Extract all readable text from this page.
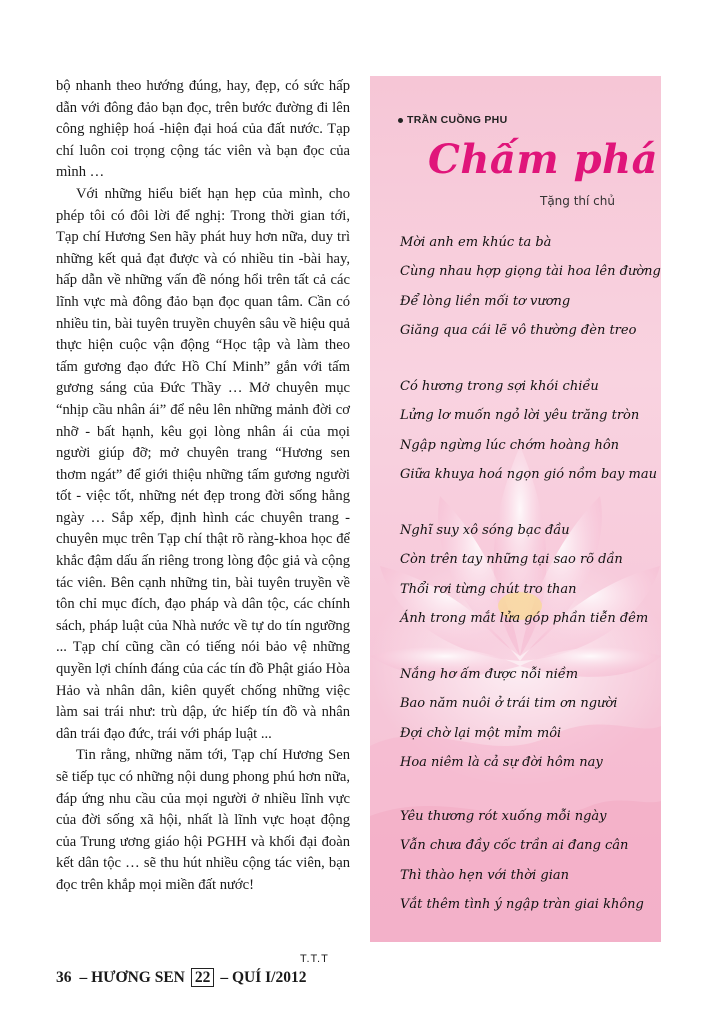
bộ nhanh theo hướng đúng, hay, đẹp, có sức hấp dẫn với đông đảo bạn đọc, trên bước đường đi lên công nghiệp hoá -hiện đại hoá của đất nước. Tạp chí luôn coi trọng cộng tác viên và bạn đọc của mình …

Với những hiểu biết hạn hẹp của mình, cho phép tôi có đôi lời để nghị: Trong thời gian tới, Tạp chí Hương Sen hãy phát huy hơn nữa, duy trì những kết quả đạt được và có nhiều tin -bài hay, hấp dẫn về những vấn đề nóng hổi trên tất cả các lĩnh vực mà đông đảo bạn đọc quan tâm. Cần có nhiều tin, bài tuyên truyền chuyên sâu về hiệu quả thực hiện cuộc vận động “Học tập và làm theo tấm gương đạo đức Hồ Chí Minh” gắn với tấm gương sáng của Đức Thầy … Mở chuyên mục “nhịp cầu nhân ái” để nêu lên những mảnh đời cơ nhỡ - bất hạnh, kêu gọi lòng nhân ái của mọi người giúp đỡ; mở chuyên trang “Hương sen thơm ngát” để giới thiệu những tấm gương người tốt - việc tốt, những nét đẹp trong đời sống hằng ngày … Sắp xếp, định hình các chuyên trang - chuyên mục trên Tạp chí thật rõ ràng-khoa học để khắc đậm dấu ấn riêng trong lòng độc giả và cộng tác viên. Bên cạnh những tin, bài tuyên truyền về tôn chỉ mục đích, đạo pháp và dân tộc, các chính sách, pháp luật của Nhà nước về tự do tín ngưỡng ... Tạp chí cũng cần có tiếng nói bảo vệ những quyền lợi chính đáng của các tín đồ Phật giáo Hòa Hảo và nhân dân, kiên quyết chống những việc làm sai trái như: trù dập, ức hiếp tín đồ và nhân dân trái đạo đức, trái với pháp luật ...

Tin rằng, những năm tới, Tạp chí Hương Sen sẽ tiếp tục có những nội dung phong phú hơn nữa, đáp ứng nhu cầu của mọi người ở nhiều lĩnh vực của đời sống xã hội, nhất là lĩnh vực hoạt động của Trung ương giáo hội PGHH và khối đại đoàn kết dân tộc … sẽ thu hút nhiều cộng tác viên, bạn đọc trên khắp mọi miền đất nước!

T.T.T
36 – HƯƠNG SEN 22 – QUÍ I/2012
TRẦN CUỒNG PHU
Chấm phá
Tặng thí chủ
Mời anh em khúc ta bà
Cùng nhau hợp giọng tài hoa lên đường
Để lòng liền mối tơ vương
Giăng qua cái lẽ vô thường đèn treo
Có hương trong sợi khói chiều
Lửng lơ muốn ngỏ lời yêu trăng tròn
Ngập ngừng lúc chớm hoàng hôn
Giữa khuya hoá ngọn gió nồm bay mau
Nghĩ suy xô sóng bạc đầu
Còn trên tay những tại sao rõ dần
Thổi rơi từng chút tro than
Ánh trong mắt lửa góp phần tiễn đêm
Nắng hơ ấm được nỗi niềm
Bao năm nuôi ở trái tim ơn người
Đợi chờ lại một mỉm môi
Hoa niêm là cả sự đời hôm nay
Yêu thương rót xuống mỗi ngày
Vẫn chưa đầy cốc trần ai đang cân
Thì thào hẹn với thời gian
Vắt thêm tình ý ngập tràn giai không
